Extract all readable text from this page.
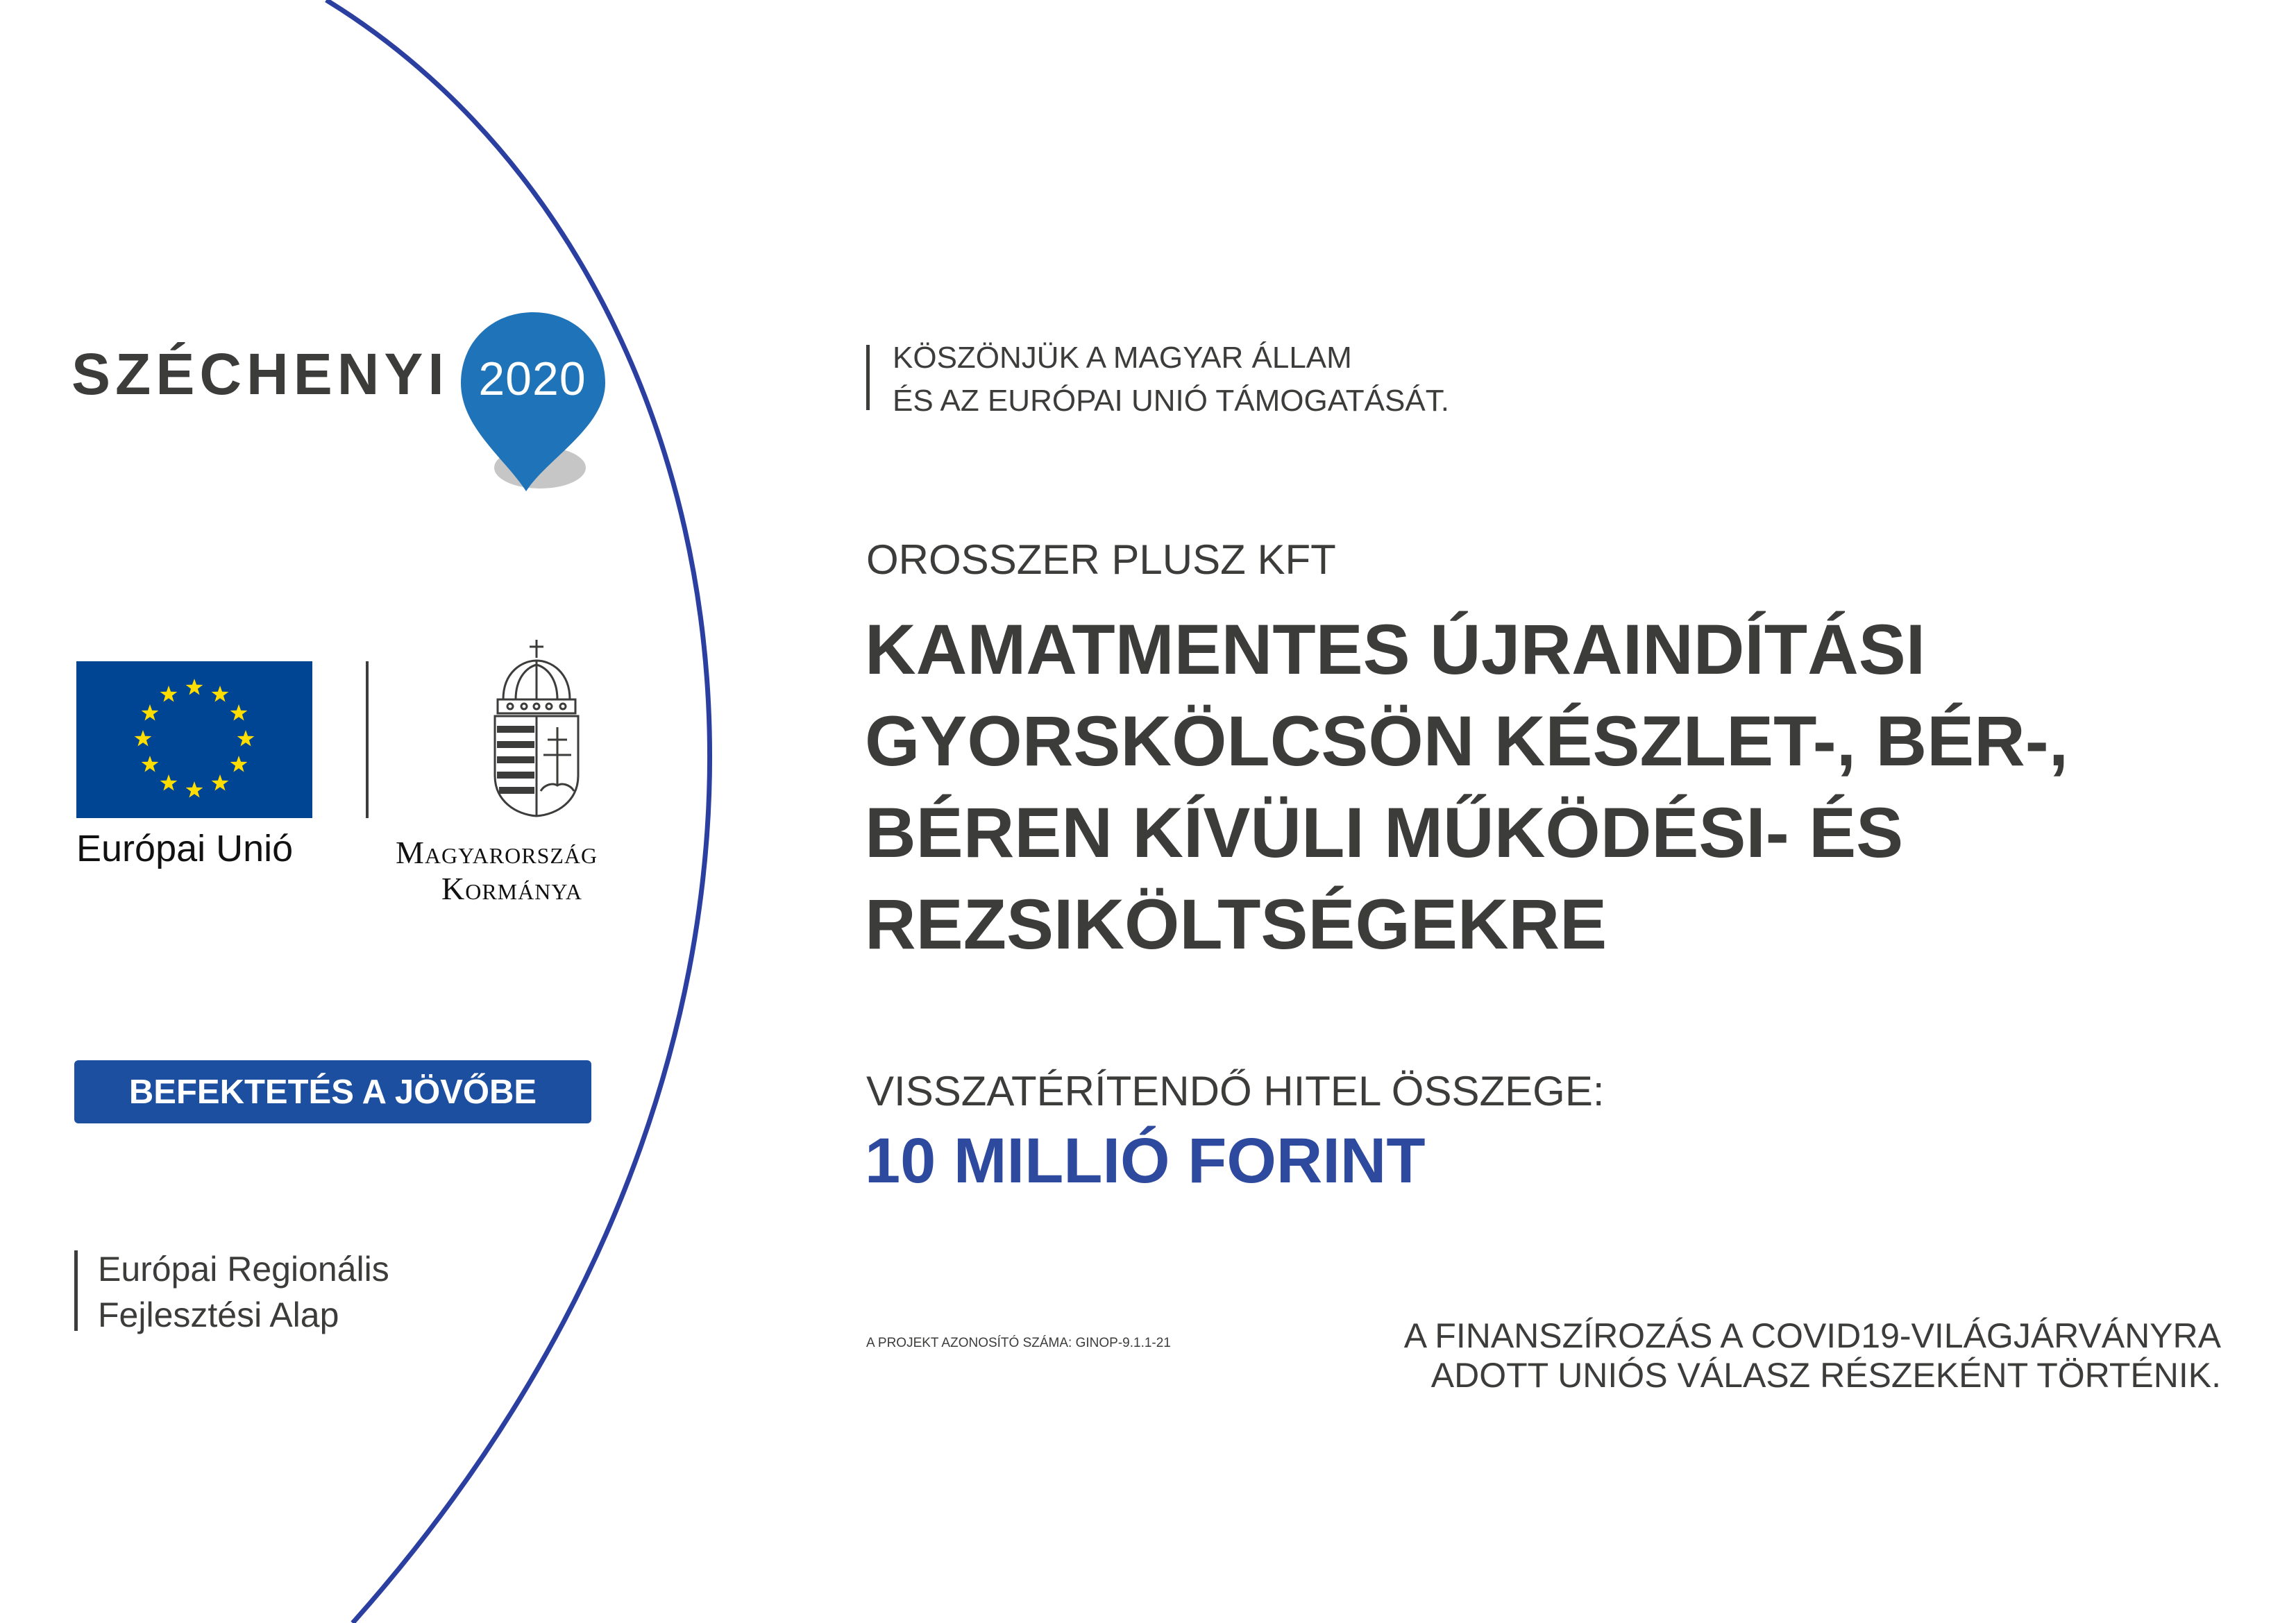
SZÉCHENYI 2020
Európai Unió	Magyarország
Kormánya
BEFEKTETÉS A JÖVŐBE
Európai Regionális
Fejlesztési Alap
KÖSZÖNJÜK A MAGYAR ÁLLAM
ÉS AZ EURÓPAI UNIÓ TÁMOGATÁSÁT.
OROSSZER PLUSZ KFT
KAMATMENTES ÚJRAINDÍTÁSI
GYORSKÖLCSÖN KÉSZLET-, BÉR-,
BÉREN KÍVÜLI MŰKÖDÉSI- ÉS
REZSIKÖLTSÉGEKRE
VISSZATÉRÍTENDŐ HITEL ÖSSZEGE:
10 MILLIÓ FORINT
A PROJEKT AZONOSÍTÓ SZÁMA: GINOP-9.1.1-21	A FINANSZÍROZÁS A COVID19-VILÁGJÁRVÁNYRA
ADOTT UNIÓS VÁLASZ RÉSZEKÉNT TÖRTÉNIK.
